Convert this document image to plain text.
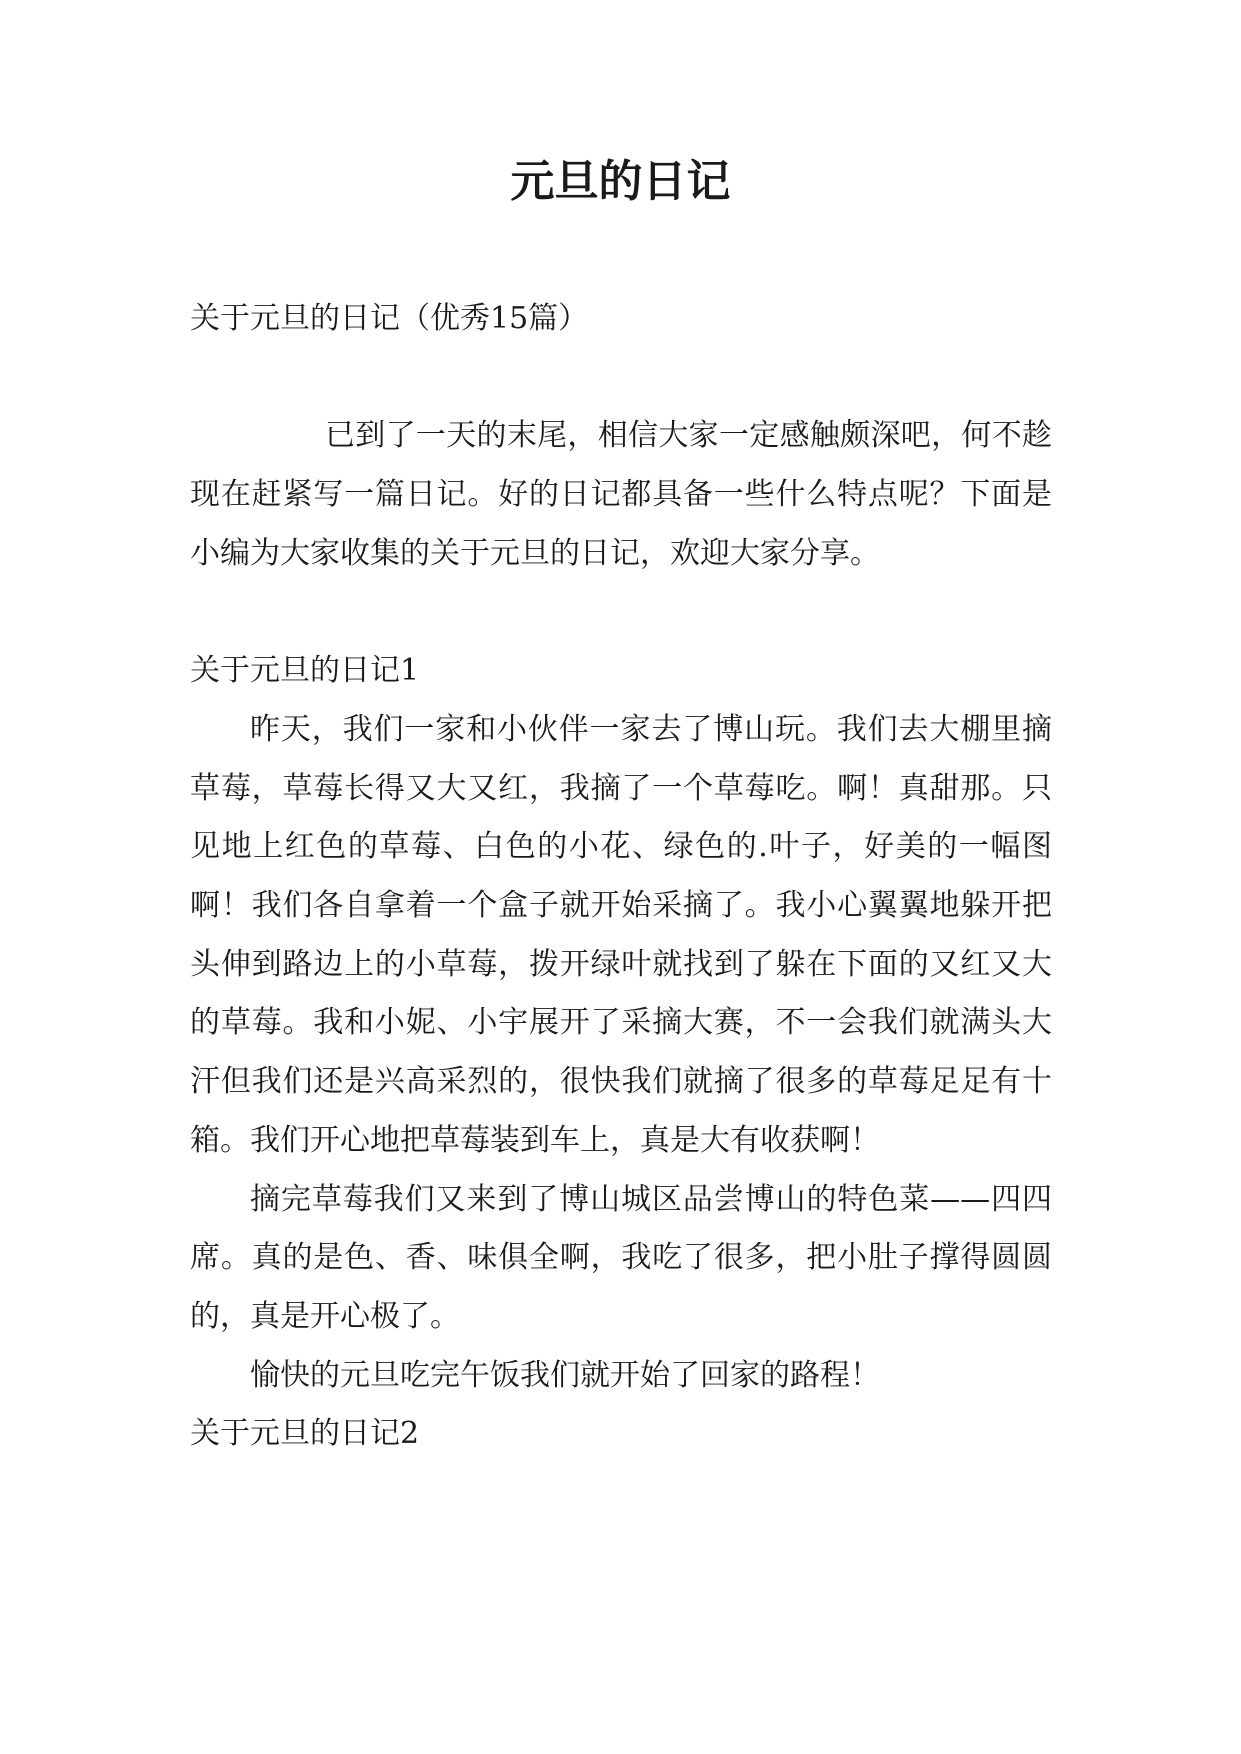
元旦的日记

关于元旦的日记（优秀15篇）

已到了一天的末尾，相信大家一定感触颇深吧，何不趁现在赶紧写一篇日记。好的日记都具备一些什么特点呢？下面是小编为大家收集的关于元旦的日记，欢迎大家分享。

关于元旦的日记1

昨天，我们一家和小伙伴一家去了博山玩。我们去大棚里摘草莓，草莓长得又大又红，我摘了一个草莓吃。啊！真甜那。只见地上红色的草莓、白色的小花、绿色的.叶子，好美的一幅图啊！我们各自拿着一个盒子就开始采摘了。我小心翼翼地躲开把头伸到路边上的小草莓，拨开绿叶就找到了躲在下面的又红又大的草莓。我和小妮、小宇展开了采摘大赛，不一会我们就满头大汗但我们还是兴高采烈的，很快我们就摘了很多的草莓足足有十箱。我们开心地把草莓装到车上，真是大有收获啊！

摘完草莓我们又来到了博山城区品尝博山的特色菜——四四席。真的是色、香、味俱全啊，我吃了很多，把小肚子撑得圆圆的，真是开心极了。

愉快的元旦吃完午饭我们就开始了回家的路程！

关于元旦的日记2
